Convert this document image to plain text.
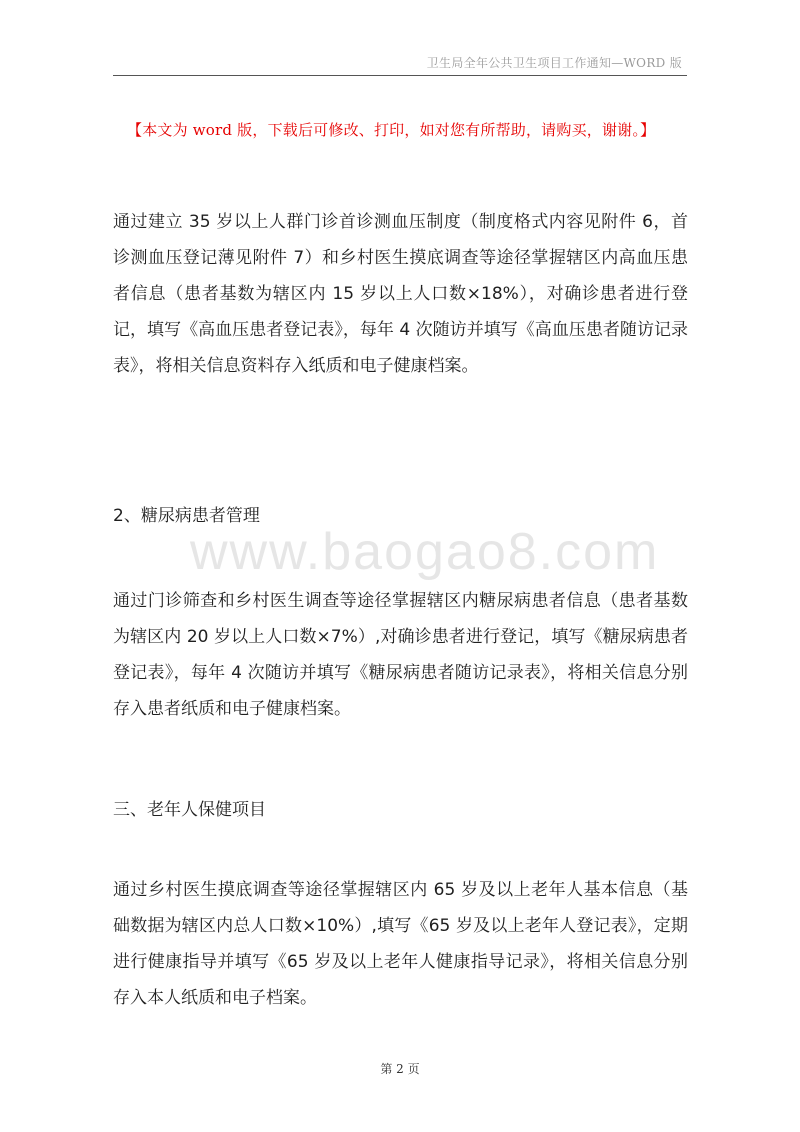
卫生局全年公共卫生项目工作通知—WORD 版
【本文为 word 版，下载后可修改、打印，如对您有所帮助，请购买，谢谢。】

通过建立 35 岁以上人群门诊首诊测血压制度（制度格式内容见附件 6，首诊测血压登记薄见附件 7）和乡村医生摸底调查等途径掌握辖区内高血压患者信息（患者基数为辖区内 15 岁以上人口数×18%），对确诊患者进行登记，填写《高血压患者登记表》，每年 4 次随访并填写《高血压患者随访记录表》，将相关信息资料存入纸质和电子健康档案。

2、糖尿病患者管理

www.baogao8.com

通过门诊筛查和乡村医生调查等途径掌握辖区内糖尿病患者信息（患者基数为辖区内 20 岁以上人口数×7%）,对确诊患者进行登记，填写《糖尿病患者登记表》，每年 4 次随访并填写《糖尿病患者随访记录表》，将相关信息分别存入患者纸质和电子健康档案。

三、老年人保健项目

通过乡村医生摸底调查等途径掌握辖区内 65 岁及以上老年人基本信息（基础数据为辖区内总人口数×10%）,填写《65 岁及以上老年人登记表》，定期进行健康指导并填写《65 岁及以上老年人健康指导记录》，将相关信息分别存入本人纸质和电子档案。

第 2 页
